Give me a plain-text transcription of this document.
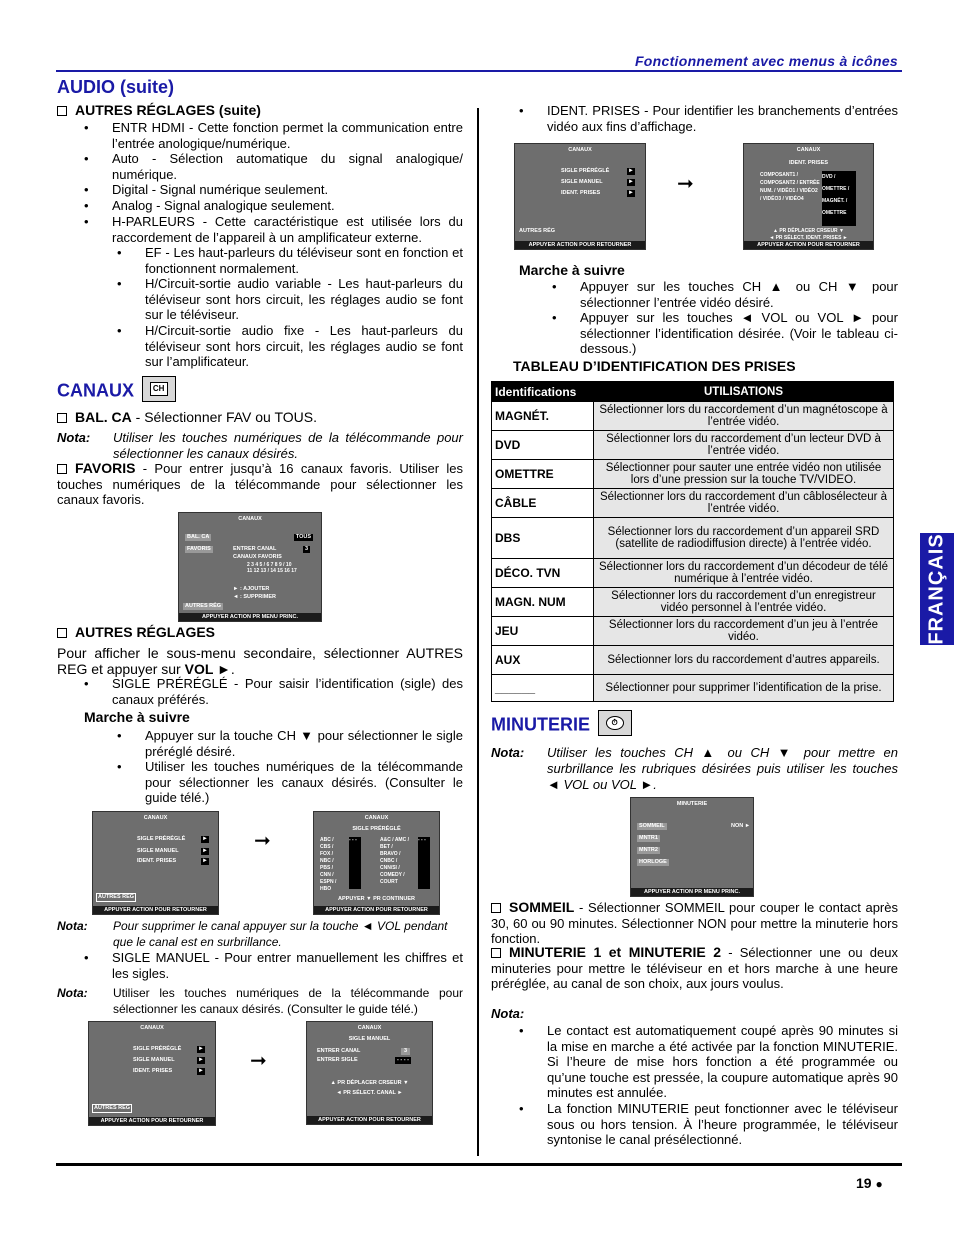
Fonctionnement avec menus à icônes
FRANÇAIS
AUDIO (suite)
AUTRES RÉGLAGES (suite)
• ENTR HDMI - Cette fonction permet la communication entre l’entrée anologique/numérique.
• Auto - Sélection automatique du signal analogique/ numérique.
• Digital - Signal numérique seulement.
• Analog - Signal analogique seulement.
• H-PARLEURS - Cette caractéristique est utilisée lors du raccordement de l’appareil à un amplificateur externe.
• EF - Les haut-parleurs du téléviseur sont en fonction et fonctionnent normalement.
• H/Circuit-sortie audio variable - Les haut-parleurs du téléviseur sont hors circuit, les réglages audio se font sur le téléviseur.
• H/Circuit-sortie audio fixe - Les haut-parleurs du téléviseur sont hors circuit, les réglages audio se font sur l’amplificateur.
CANAUX	CH
BAL. CA - Sélectionner FAV ou TOUS.
Nota: Utiliser les touches numériques de la télécommande pour sélectionner les canaux désirés.
FAVORIS - Pour entrer jusqu’à 16 canaux favoris. Utiliser les touches numériques de la télécommande pour sélectionner les canaux favoris.
CANAUX
BAL. CA	TOUS
FAVORIS	ENTRER CANAL	3
CANAUX FAVORIS
2 3 4 5 / 6 7 8 9 / 10 11 12 13 / 14 15 16 17
► : AJOUTER
◄ : SUPPRIMER
AUTRES RÉG
APPUYER ACTION PR MENU PRINC.
AUTRES RÉGLAGES
Pour afficher le sous-menu secondaire, sélectionner AUTRES REG et appuyer sur VOL ►.
• SIGLE PRÉRÉGLÉ - Pour saisir l’identification (sigle) des canaux préférés.
Marche à suivre
• Appuyer sur la touche CH ▼ pour sélectionner le sigle préréglé désiré.
• Utiliser les touches numériques de la télécommande pour sélectionner les canaux désirés. (Consulter le guide télé.)
CANAUX
SIGLE PRÉRÉGLÉ	►
SIGLE MANUEL	►
IDENT. PRISES	►
AUTRES RÉG
APPUYER ACTION POUR RETOURNER
➞
CANAUX
SIGLE PRÉRÉGLÉ
ABC / CBS / FOX / NBC / PBS / CNN / ESPN / HBO
- - -	A&C / AMC / BET / BRAVO / CNBC / CNN/SI / COMEDY / COURT
- - -
APPUYER ▼ PR CONTINUER
APPUYER ACTION POUR RETOURNER
Nota: Pour supprimer le canal appuyer sur la touche ◄ VOL pendant que le canal est en surbrillance.
• SIGLE MANUEL - Pour entrer manuellement les chiffres et les sigles.
Nota: Utiliser les touches numériques de la télécommande pour sélectionner les canaux désirés. (Consulter le guide télé.)
CANAUX
SIGLE PRÉRÉGLÉ	►
SIGLE MANUEL	►
IDENT. PRISES	►
AUTRES RÉG
APPUYER ACTION POUR RETOURNER
➞
CANAUX
SIGLE MANUEL
ENTRER CANAL	3
ENTRER SIGLE	- - - -
▲ PR DÉPLACER CRSEUR ▼
◄ PR SÉLECT. CANAL ►
APPUYER ACTION POUR RETOURNER
• IDENT. PRISES - Pour identifier les branchements d’entrées vidéo aux fins d’affichage.
CANAUX
SIGLE PRÉRÉGLÉ	►
SIGLE MANUEL	►
IDENT. PRISES	►
AUTRES RÉG
APPUYER ACTION POUR RETOURNER
➞
CANAUX
IDENT. PRISES
COMPOSANT1 / COMPOSANT2 / ENTRÉE NUM. / VIDÉO1 / VIDÉO2 / VIDÉO3 / VIDÉO4
DVD / OMETTRE / MAGNÉT. / OMETTRE
▲ PR DÉPLACER CRSEUR ▼
◄ PR SÉLECT. IDENT. PRISES ►
APPUYER ACTION POUR RETOURNER
Marche à suivre
• Appuyer sur les touches CH ▲ ou CH ▼ pour sélectionner l’entrée vidéo désiré.
• Appuyer sur les touches ◄ VOL ou VOL ► pour sélectionner l’identification désirée. (Voir le tableau ci-dessous.)
TABLEAU D’IDENTIFICATION DES PRISES
Identifications	UTILISATIONS
MAGNÉT.	Sélectionner lors du raccordement d’un magnétoscope à l’entrée vidéo.
DVD	Sélectionner lors du raccordement d’un lecteur DVD à l’entrée vidéo.
OMETTRE	Sélectionner pour sauter une entrée vidéo non utilisée lors d’une pression sur la touche TV/VIDEO.
CÂBLE	Sélectionner lors du raccordement d’un câblosélecteur à l’entrée vidéo.
DBS	Sélectionner lors du raccordement d’un appareil SRD (satellite de radiodiffusion directe) à l’entrée vidéo.
DÉCO. TVN	Sélectionner lors du raccordement d’un décodeur de télé numérique à l’entrée vidéo.
MAGN. NUM	Sélectionner lors du raccordement d’un enregistreur vidéo personnel à l’entrée vidéo.
JEU	Sélectionner lors du raccordement d’un jeu à l’entrée vidéo.
AUX	Sélectionner lors du raccordement d’autres appareils.
______	Sélectionner pour supprimer l’identification de la prise.
MINUTERIE	⏱
Nota: Utiliser les touches CH ▲ ou CH ▼ pour mettre en surbrillance les rubriques désirées puis utiliser les touches ◄ VOL ou VOL ►.
MINUTERIE
SOMMEIL	NON ►
MNTR1
MNTR2
HORLOGE
APPUYER ACTION PR MENU PRINC.
SOMMEIL - Sélectionner SOMMEIL pour couper le contact après 30, 60 ou 90 minutes. Sélectionner NON pour mettre la minuterie hors fonction.
MINUTERIE 1 et MINUTERIE 2 - Sélectionner une ou deux minuteries pour mettre le téléviseur en et hors marche à une heure préréglée, au canal de son choix, aux jours voulus.
Nota:
• Le contact est automatiquement coupé après 90 minutes si la mise en marche a été activée par la fonction MINUTERIE. Si l’heure de mise hors fonction a été programmée ou qu’une touche est pressée, la coupure automatique après 90 minutes est annulée.
• La fonction MINUTERIE peut fonctionner avec le téléviseur sous ou hors tension. À l’heure programmée, le téléviseur syntonise le canal présélectionné.
19 ●
